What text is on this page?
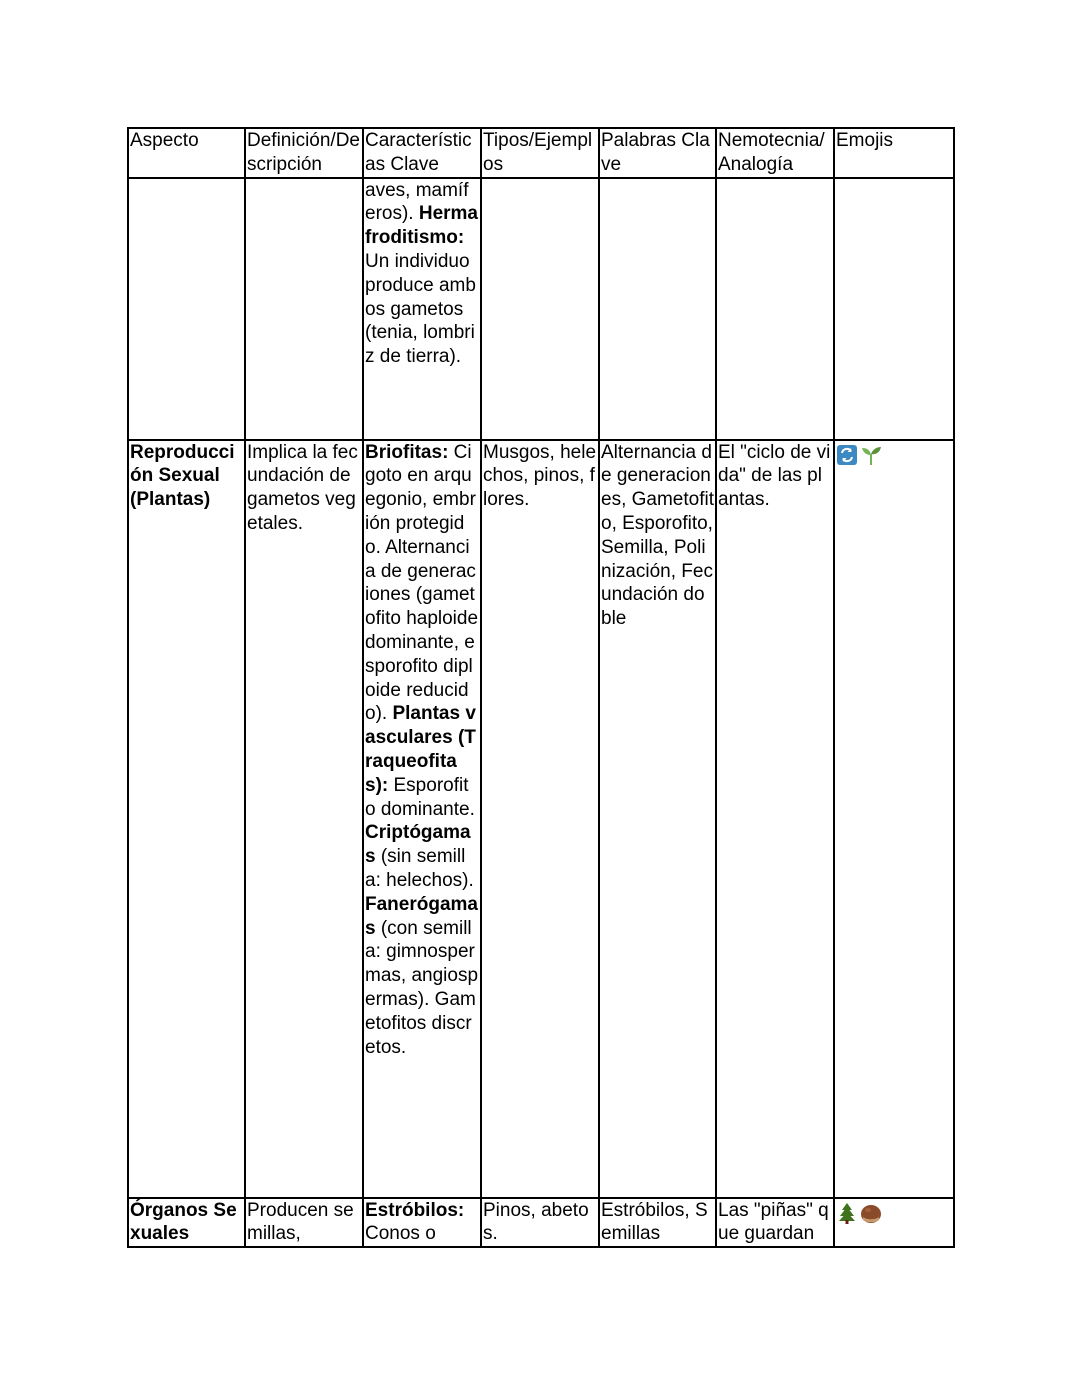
Aspecto	Definición/Descripción	Características Clave	Tipos/Ejemplos	Palabras Clave	Nemotecnia/Analogía	Emojis
		aves, mamíferos). Hermafroditismo: Un individuo produce ambos gametos (tenia, lombriz de tierra).				
Reproducción Sexual (Plantas)	Implica la fecundación de gametos vegetales.	Briofitas: Cigoto en arquegonio, embrión protegido. Alternancia de generaciones (gametofito haploide dominante, esporofito diploide reducido). Plantas vasculares (Traqueofitas): Esporofito dominante. Criptógamas (sin semilla: helechos). Fanerógamas (con semilla: gimnospermas, angiospermas). Gametofitos discretos.	Musgos, helechos, pinos, flores.	Alternancia de generaciones, Gametofito, Esporofito, Semilla, Polinización, Fecundación doble	El "ciclo de vida" de las plantas.	

Órganos Sexuales	Producen semillas,	Estróbilos: Conos o	Pinos, abetos.	Estróbilos, Semillas	Las "piñas" que guardan	
